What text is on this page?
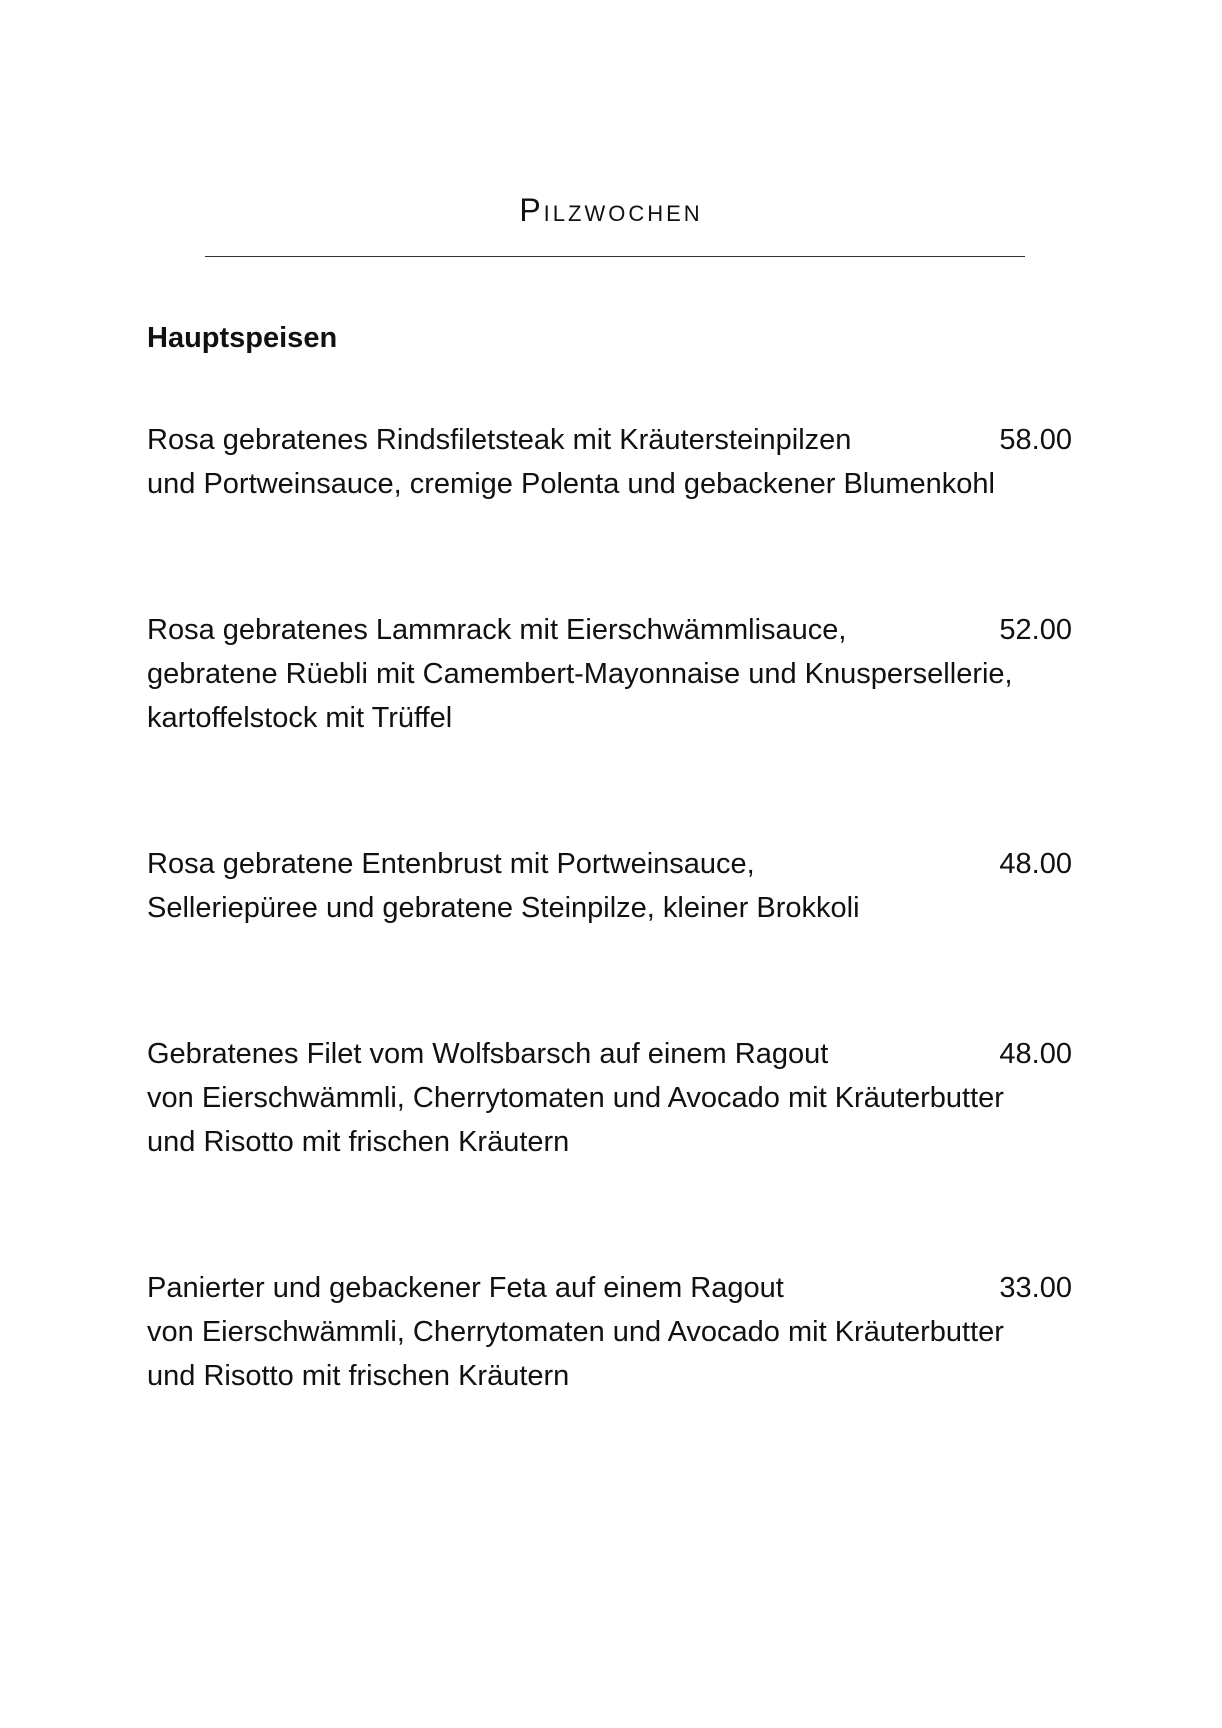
Pilzwochen
Hauptspeisen
Rosa gebratenes Rindsfiletsteak mit Kräutersteinpilzen
und Portweinsauce, cremige Polenta und gebackener Blumenkohl
58.00
Rosa gebratenes Lammrack mit Eierschwämmlisauce,
gebratene Rüebli mit Camembert-Mayonnaise und Knuspersellerie,
kartoffelstock mit Trüffel
52.00
Rosa gebratene Entenbrust mit Portweinsauce,
Selleriepüree und gebratene Steinpilze, kleiner Brokkoli
48.00
Gebratenes Filet vom Wolfsbarsch auf einem Ragout
von Eierschwämmli, Cherrytomaten und Avocado mit Kräuterbutter
und Risotto mit frischen Kräutern
48.00
Panierter und gebackener Feta auf einem Ragout
von Eierschwämmli, Cherrytomaten und Avocado mit Kräuterbutter
und Risotto mit frischen Kräutern
33.00
